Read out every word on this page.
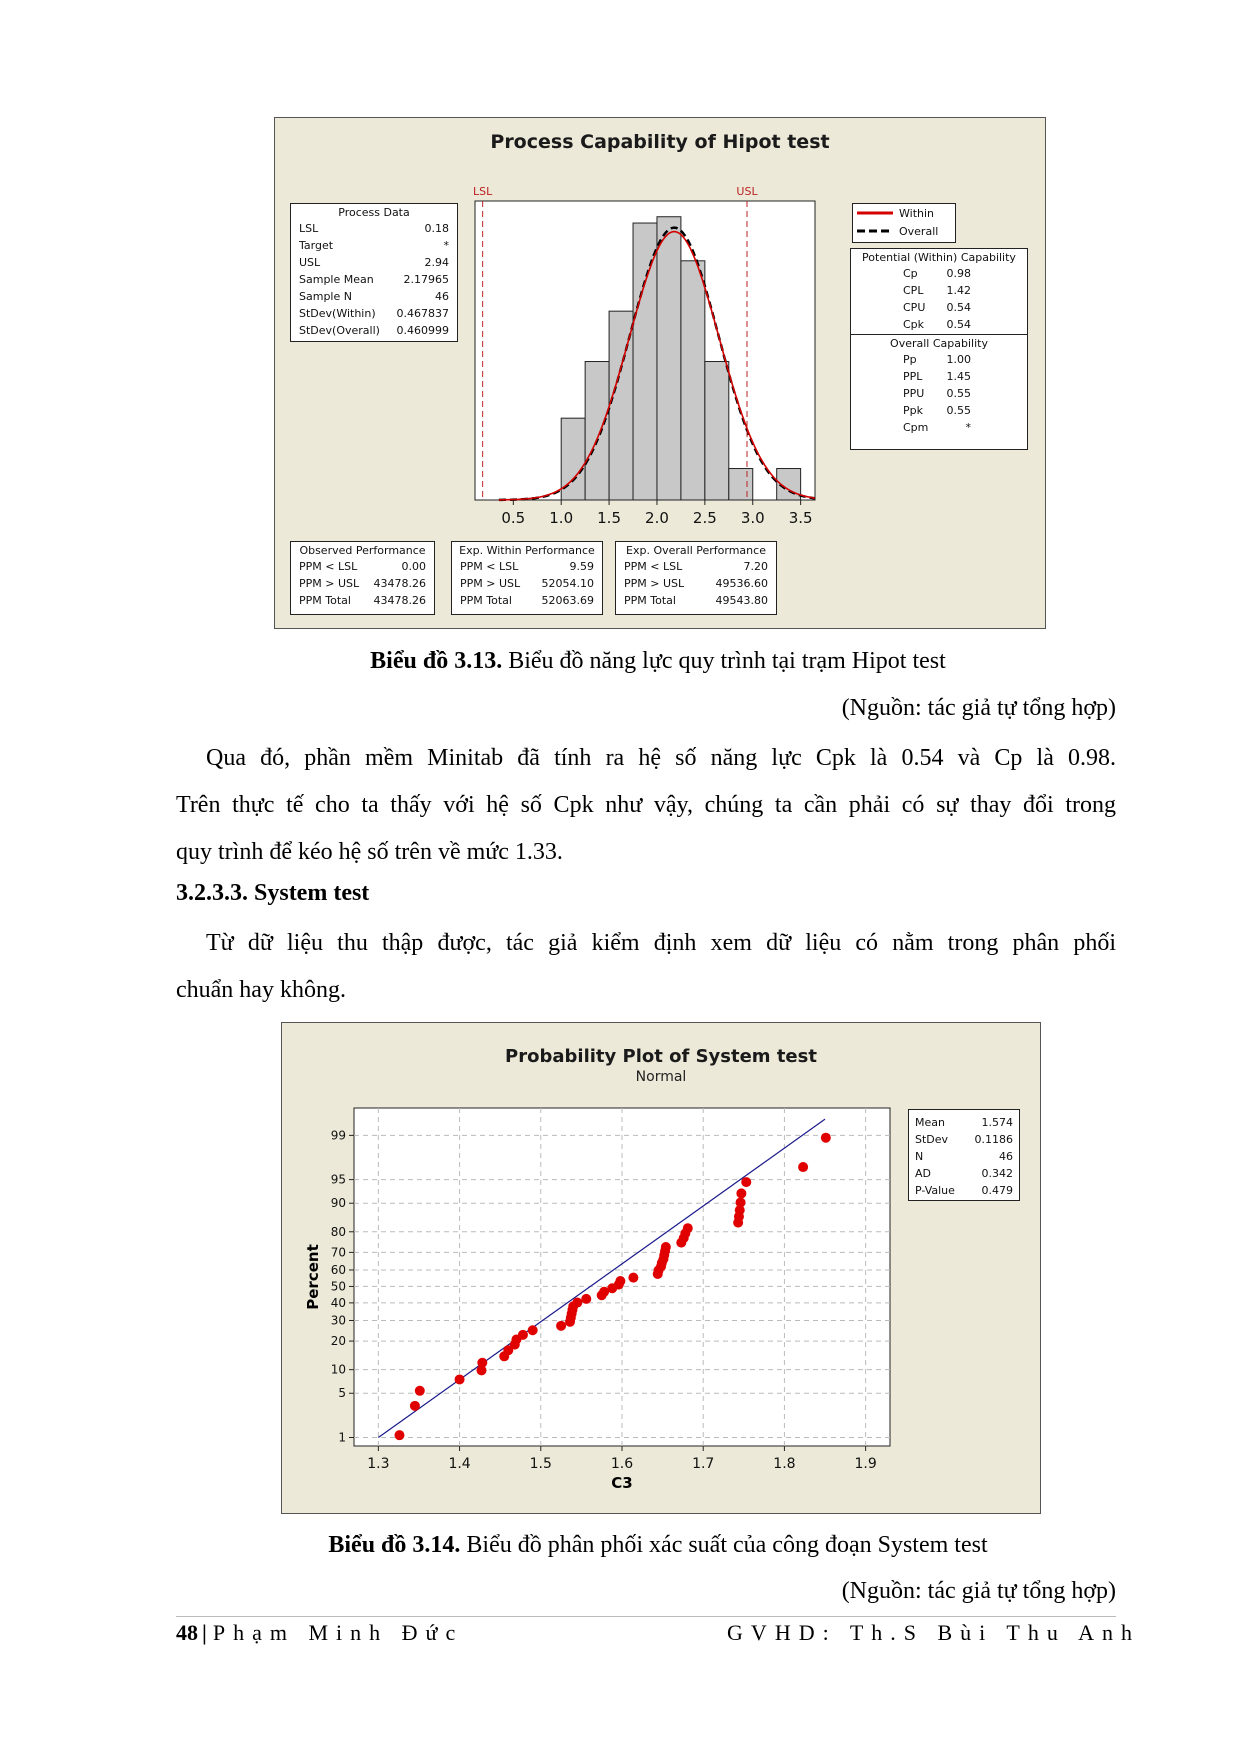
Process Capability of Hipot test
Process Data
LSL	0.18
Target	*
USL	2.94
Sample Mean	2.17965
Sample N	46
StDev(Within) 0.467837
StDev(Overall) 0.460999
LSL	USL
0.5 1.0 1.5 2.0 2.5 3.0 3.5
Within
Overall
Potential (Within) Capability
Cp	0.98
CPL 1.42
CPU 0.54
Cpk 0.54
Overall Capability
Pp	1.00
PPL 1.45
PPU 0.55
Ppk 0.55
Cpm	*
Observed Performance
PPM < LSL	0.00
PPM > USL 43478.26
PPM Total 43478.26
Exp. Within Performance
PPM < LSL	9.59
PPM > USL 52054.10
PPM Total	52063.69
Exp. Overall Performance
PPM < LSL	7.20
PPM > USL	49536.60
PPM Total	49543.80
Biểu đồ 3.13. Biểu đồ năng lực quy trình tại trạm Hipot test
(Nguồn: tác giả tự tổng hợp)
Qua đó, phần mềm Minitab đã tính ra hệ số năng lực Cpk là 0.54 và Cp là 0.98.
Trên thực tế cho ta thấy với hệ số Cpk như vậy, chúng ta cần phải có sự thay đổi trong
quy trình để kéo hệ số trên về mức 1.33.
3.2.3.3. System test
Từ dữ liệu thu thập được, tác giả kiểm định xem dữ liệu có nằm trong phân phối
chuẩn hay không.
Probability Plot of System test
Normal
1
5
10
20
30
40
50
60
70
80
90
95
99
1.3	1.4	1.5	1.6	1.7	1.8	1.9
Percent
C3
Mean	1.574
StDev 0.1186
N	46
AD	0.342
P-Value 0.479
Biểu đồ 3.14. Biểu đồ phân phối xác suất của công đoạn System test
(Nguồn: tác giả tự tổng hợp)
48 | Phạm Minh Đức	GVHD: Th.S Bùi Thu Anh
